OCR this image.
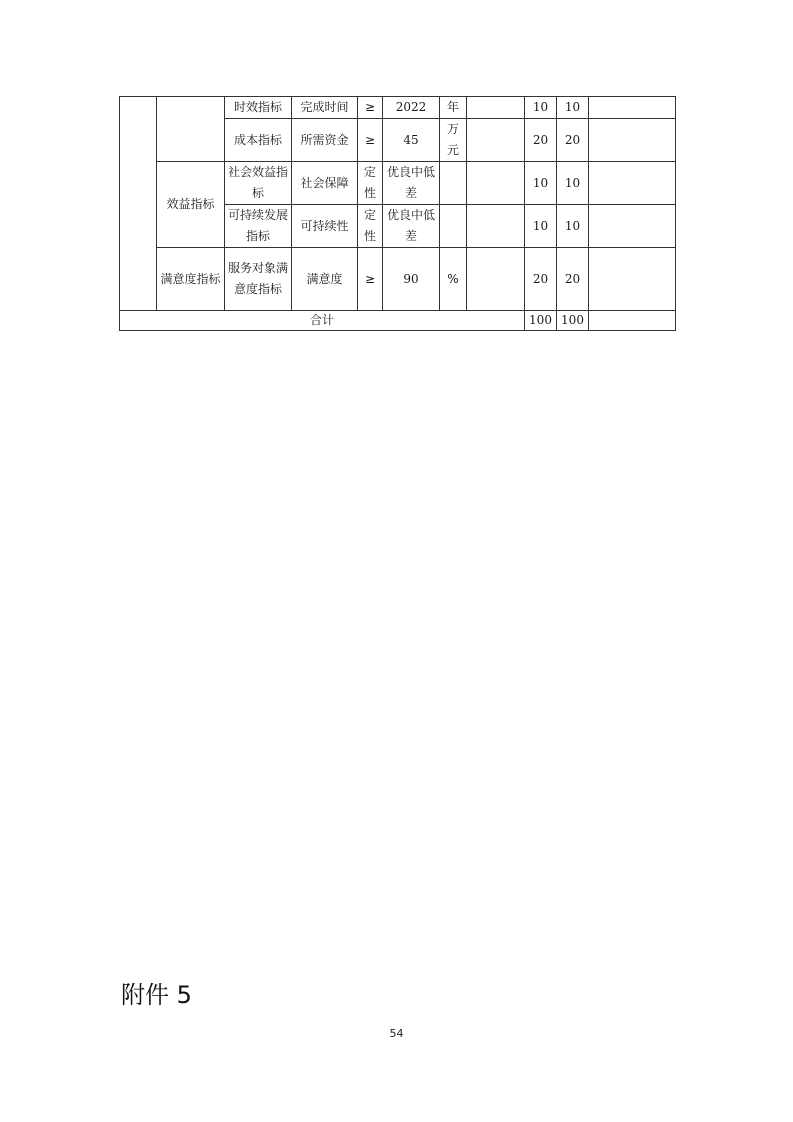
		时效指标	完成时间	≥	2022	年		10	10	
		成本指标	所需资金	≥	45	万元		20	20	
	效益指标	社会效益指标	社会保障	定性	优良中低差			10	10	
		可持续发展指标	可持续性	定性	优良中低差			10	10	
	满意度指标	服务对象满意度指标	满意度	≥	90	%		20	20	
合计								100	100	
附件 5
54
